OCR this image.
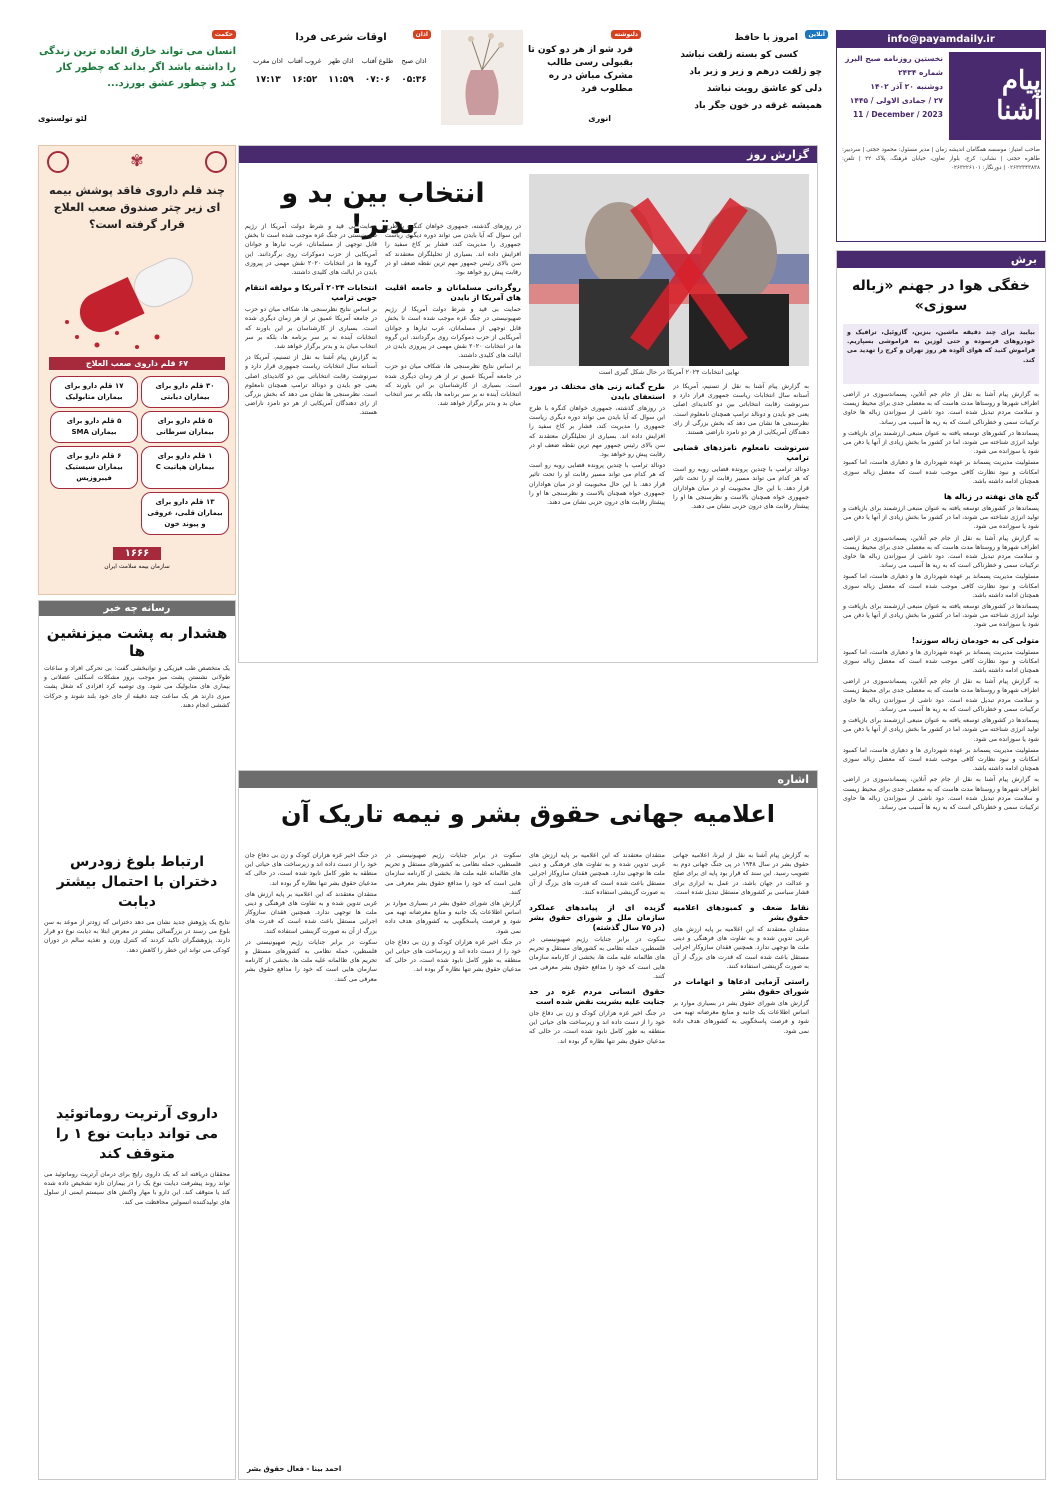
info@payamdaily.ir
پیام آشنا
نخستین روزنامه صبح البرز
شماره ۲۴۳۴
دوشنبه ۲۰ آذر ۱۴۰۲
۲۷ / جمادی الاولی / ۱۴۴۵
11 / December / 2023
صاحب امتیاز: موسسه همگامان اندیشه زمان | مدیر مسئول: محمود حجتی | سردبیر: طاهره حجتی | نشانی: کرج، بلوار تعاون، خیابان فرهنگ، پلاک ۲۲ | تلفن: ۰۲۶۳۲۳۴۳۸۳۸ | دورنگار: ۰۲۶۳۲۲۶۱۰۱
آنلاین
امروز با حافظ
کسی کو بسته زلفت نباشد
چو زلفت درهم و زیر و زبر باد
دلی کو عاشق رویت نباشد
همیشه غرقه در خون جگر باد
دلنوشته
فرد شو از هر دو کون تا بقبولی رسی طالب مشرک مباش در ره مطلوب فرد
انوری
اذان
اوقات شرعی فردا
اذان صبح
۰۵:۳۶
طلوع آفتاب
۰۷:۰۶
اذان ظهر
۱۱:۵۹
غروب آفتاب
۱۶:۵۲
اذان مغرب
۱۷:۱۳
حکمت
انسان می تواند خارق العاده ترین زندگی را داشته باشد اگر بداند که چطور کار کند و چطور عشق بورزد...
لئو تولستوی
✾
چند قلم داروی فاقد پوشش بیمه ای زیر چتر صندوق صعب العلاج قرار گرفته است؟
۶۷ قلم داروی صعب العلاج
۳۰ قلم دارو برای بیماران دیابتی
۱۷ قلم دارو برای بیماران متابولیک
۵ قلم دارو برای بیماران سرطانی
۵ قلم دارو برای بیماران SMA
۱ قلم دارو برای بیماران هپاتیت C
۶ قلم دارو برای بیماران سیستیک فیبروزیس
۱۳ قلم دارو برای بیماران قلبی، عروقی و پیوند خون
۱۶۶۶
سازمان بیمه سلامت ایران
رسانه چه خبر
هشدار به پشت میزنشین ها
یک متخصص طب فیزیکی و توانبخشی گفت: بی تحرکی افراد و ساعات طولانی نشستن پشت میز موجب بروز مشکلات اسکلتی عضلانی و بیماری های متابولیک می شود. وی توصیه کرد افرادی که شغل پشت میزی دارند هر یک ساعت چند دقیقه از جای خود بلند شوند و حرکات کششی انجام دهند.
ارتباط بلوغ زودرس دختران با احتمال بیشتر دیابت
نتایج یک پژوهش جدید نشان می دهد دخترانی که زودتر از موعد به سن بلوغ می رسند در بزرگسالی بیشتر در معرض ابتلا به دیابت نوع دو قرار دارند. پژوهشگران تاکید کردند که کنترل وزن و تغذیه سالم در دوران کودکی می تواند این خطر را کاهش دهد.
داروی آرتریت روماتوئید می تواند دیابت نوع ۱ را متوقف کند
محققان دریافته اند که یک داروی رایج برای درمان آرتریت روماتوئید می تواند روند پیشرفت دیابت نوع یک را در بیماران تازه تشخیص داده شده کند یا متوقف کند. این دارو با مهار واکنش های سیستم ایمنی از سلول های تولیدکننده انسولین محافظت می کند.
گزارش روز
نهایی انتخابات ۲۰۲۴ آمریکا در حال شکل گیری است
انتخاب بین بد و بدتر!

به گزارش پیام آشنا به نقل از تسنیم، آمریکا در آستانه سال انتخابات ریاست جمهوری قرار دارد و سرنوشت رقابت انتخاباتی بین دو کاندیدای اصلی یعنی جو بایدن و دونالد ترامپ همچنان نامعلوم است. نظرسنجی ها نشان می دهد که بخش بزرگی از رای دهندگان آمریکایی از هر دو نامزد ناراضی هستند.

سرنوشت نامعلوم نامزدهای قضایی ترامپ

دونالد ترامپ با چندین پرونده قضایی روبه رو است که هر کدام می تواند مسیر رقابت او را تحت تاثیر قرار دهد. با این حال محبوبیت او در میان هواداران جمهوری خواه همچنان بالاست و نظرسنجی ها او را پیشتاز رقابت های درون حزبی نشان می دهند.

طرح گمانه زنی های مختلف در مورد استعفای بایدن

در روزهای گذشته، جمهوری خواهان کنگره با طرح این سوال که آیا بایدن می تواند دوره دیگری ریاست جمهوری را مدیریت کند، فشار بر کاخ سفید را افزایش داده اند. بسیاری از تحلیلگران معتقدند که سن بالای رئیس جمهور مهم ترین نقطه ضعف او در رقابت پیش رو خواهد بود.

دونالد ترامپ با چندین پرونده قضایی روبه رو است که هر کدام می تواند مسیر رقابت او را تحت تاثیر قرار دهد. با این حال محبوبیت او در میان هواداران جمهوری خواه همچنان بالاست و نظرسنجی ها او را پیشتاز رقابت های درون حزبی نشان می دهند.

در روزهای گذشته، جمهوری خواهان کنگره با طرح این سوال که آیا بایدن می تواند دوره دیگری ریاست جمهوری را مدیریت کند، فشار بر کاخ سفید را افزایش داده اند. بسیاری از تحلیلگران معتقدند که سن بالای رئیس جمهور مهم ترین نقطه ضعف او در رقابت پیش رو خواهد بود.

روگردانی مسلمانان و جامعه اقلیت های آمریکا از بایدن

حمایت بی قید و شرط دولت آمریکا از رژیم صهیونیستی در جنگ غزه موجب شده است تا بخش قابل توجهی از مسلمانان، عرب تبارها و جوانان آمریکایی از حزب دموکرات روی برگردانند. این گروه ها در انتخابات ۲۰۲۰ نقش مهمی در پیروزی بایدن در ایالت های کلیدی داشتند.

بر اساس نتایج نظرسنجی ها، شکاف میان دو حزب در جامعه آمریکا عمیق تر از هر زمان دیگری شده است. بسیاری از کارشناسان بر این باورند که انتخابات آینده نه بر سر برنامه ها، بلکه بر سر انتخاب میان بد و بدتر برگزار خواهد شد.

حمایت بی قید و شرط دولت آمریکا از رژیم صهیونیستی در جنگ غزه موجب شده است تا بخش قابل توجهی از مسلمانان، عرب تبارها و جوانان آمریکایی از حزب دموکرات روی برگردانند. این گروه ها در انتخابات ۲۰۲۰ نقش مهمی در پیروزی بایدن در ایالت های کلیدی داشتند.

انتخابات ۲۰۲۴ آمریکا و مولفه انتقام جویی ترامپ

بر اساس نتایج نظرسنجی ها، شکاف میان دو حزب در جامعه آمریکا عمیق تر از هر زمان دیگری شده است. بسیاری از کارشناسان بر این باورند که انتخابات آینده نه بر سر برنامه ها، بلکه بر سر انتخاب میان بد و بدتر برگزار خواهد شد.

به گزارش پیام آشنا به نقل از تسنیم، آمریکا در آستانه سال انتخابات ریاست جمهوری قرار دارد و سرنوشت رقابت انتخاباتی بین دو کاندیدای اصلی یعنی جو بایدن و دونالد ترامپ همچنان نامعلوم است. نظرسنجی ها نشان می دهد که بخش بزرگی از رای دهندگان آمریکایی از هر دو نامزد ناراضی هستند.

اشاره
اعلامیه جهانی حقوق بشر و نیمه تاریک آن

به گزارش پیام آشنا به نقل از ایرنا، اعلامیه جهانی حقوق بشر در سال ۱۹۴۸ در پی جنگ جهانی دوم به تصویب رسید. این سند که قرار بود پایه ای برای صلح و عدالت در جهان باشد، در عمل به ابزاری برای فشار سیاسی بر کشورهای مستقل تبدیل شده است.

نقاط ضعف و کمبودهای اعلامیه حقوق بشر

منتقدان معتقدند که این اعلامیه بر پایه ارزش های غربی تدوین شده و به تفاوت های فرهنگی و دینی ملت ها توجهی ندارد. همچنین فقدان سازوکار اجرایی مستقل باعث شده است که قدرت های بزرگ از آن به صورت گزینشی استفاده کنند.

راستی آزمایی ادعاها و اتهامات در شورای حقوق بشر

گزارش های شورای حقوق بشر در بسیاری موارد بر اساس اطلاعات یک جانبه و منابع مغرضانه تهیه می شود و فرصت پاسخگویی به کشورهای هدف داده نمی شود.

منتقدان معتقدند که این اعلامیه بر پایه ارزش های غربی تدوین شده و به تفاوت های فرهنگی و دینی ملت ها توجهی ندارد. همچنین فقدان سازوکار اجرایی مستقل باعث شده است که قدرت های بزرگ از آن به صورت گزینشی استفاده کنند.

گزیده ای از پیامدهای عملکرد سازمان ملل و شورای حقوق بشر (در ۷۵ سال گذشته)

سکوت در برابر جنایات رژیم صهیونیستی در فلسطین، حمله نظامی به کشورهای مستقل و تحریم های ظالمانه علیه ملت ها، بخشی از کارنامه سازمان هایی است که خود را مدافع حقوق بشر معرفی می کنند.

حقوق انسانی مردم غزه در حد جنایت علیه بشریت نقض شده است

در جنگ اخیر غزه هزاران کودک و زن بی دفاع جان خود را از دست داده اند و زیرساخت های حیاتی این منطقه به طور کامل نابود شده است، در حالی که مدعیان حقوق بشر تنها نظاره گر بوده اند.

سکوت در برابر جنایات رژیم صهیونیستی در فلسطین، حمله نظامی به کشورهای مستقل و تحریم های ظالمانه علیه ملت ها، بخشی از کارنامه سازمان هایی است که خود را مدافع حقوق بشر معرفی می کنند.

گزارش های شورای حقوق بشر در بسیاری موارد بر اساس اطلاعات یک جانبه و منابع مغرضانه تهیه می شود و فرصت پاسخگویی به کشورهای هدف داده نمی شود.

در جنگ اخیر غزه هزاران کودک و زن بی دفاع جان خود را از دست داده اند و زیرساخت های حیاتی این منطقه به طور کامل نابود شده است، در حالی که مدعیان حقوق بشر تنها نظاره گر بوده اند.

در جنگ اخیر غزه هزاران کودک و زن بی دفاع جان خود را از دست داده اند و زیرساخت های حیاتی این منطقه به طور کامل نابود شده است، در حالی که مدعیان حقوق بشر تنها نظاره گر بوده اند.

منتقدان معتقدند که این اعلامیه بر پایه ارزش های غربی تدوین شده و به تفاوت های فرهنگی و دینی ملت ها توجهی ندارد. همچنین فقدان سازوکار اجرایی مستقل باعث شده است که قدرت های بزرگ از آن به صورت گزینشی استفاده کنند.

سکوت در برابر جنایات رژیم صهیونیستی در فلسطین، حمله نظامی به کشورهای مستقل و تحریم های ظالمانه علیه ملت ها، بخشی از کارنامه سازمان هایی است که خود را مدافع حقوق بشر معرفی می کنند.

احمد بینا - فعال حقوق بشر
برش
خفگی هوا در جهنم «زباله سوزی»
بیایید برای چند دقیقه ماشین، بنزین، گازوئیل، ترافیک و خودروهای فرسوده و حتی لوزین به فراموشی بسپاریم. فراموش کنید که هوای آلوده هر روز تهران و کرج را تهدید می کند.

به گزارش پیام آشنا به نقل از جام جم آنلاین، پسماندسوزی در اراضی اطراف شهرها و روستاها مدت هاست که به معضلی جدی برای محیط زیست و سلامت مردم تبدیل شده است. دود ناشی از سوزاندن زباله ها حاوی ترکیبات سمی و خطرناکی است که به ریه ها آسیب می رساند.

پسماندها در کشورهای توسعه یافته به عنوان منبعی ارزشمند برای بازیافت و تولید انرژی شناخته می شوند، اما در کشور ما بخش زیادی از آنها یا دفن می شود یا سوزانده می شود.

مسئولیت مدیریت پسماند بر عهده شهرداری ها و دهیاری هاست، اما کمبود امکانات و نبود نظارت کافی موجب شده است که معضل زباله سوزی همچنان ادامه داشته باشد.

گنج های نهفته در زباله ها

پسماندها در کشورهای توسعه یافته به عنوان منبعی ارزشمند برای بازیافت و تولید انرژی شناخته می شوند، اما در کشور ما بخش زیادی از آنها یا دفن می شود یا سوزانده می شود.

به گزارش پیام آشنا به نقل از جام جم آنلاین، پسماندسوزی در اراضی اطراف شهرها و روستاها مدت هاست که به معضلی جدی برای محیط زیست و سلامت مردم تبدیل شده است. دود ناشی از سوزاندن زباله ها حاوی ترکیبات سمی و خطرناکی است که به ریه ها آسیب می رساند.

مسئولیت مدیریت پسماند بر عهده شهرداری ها و دهیاری هاست، اما کمبود امکانات و نبود نظارت کافی موجب شده است که معضل زباله سوزی همچنان ادامه داشته باشد.

پسماندها در کشورهای توسعه یافته به عنوان منبعی ارزشمند برای بازیافت و تولید انرژی شناخته می شوند، اما در کشور ما بخش زیادی از آنها یا دفن می شود یا سوزانده می شود.

متولی کی به خودمان زباله سوزند!

مسئولیت مدیریت پسماند بر عهده شهرداری ها و دهیاری هاست، اما کمبود امکانات و نبود نظارت کافی موجب شده است که معضل زباله سوزی همچنان ادامه داشته باشد.

به گزارش پیام آشنا به نقل از جام جم آنلاین، پسماندسوزی در اراضی اطراف شهرها و روستاها مدت هاست که به معضلی جدی برای محیط زیست و سلامت مردم تبدیل شده است. دود ناشی از سوزاندن زباله ها حاوی ترکیبات سمی و خطرناکی است که به ریه ها آسیب می رساند.

پسماندها در کشورهای توسعه یافته به عنوان منبعی ارزشمند برای بازیافت و تولید انرژی شناخته می شوند، اما در کشور ما بخش زیادی از آنها یا دفن می شود یا سوزانده می شود.

مسئولیت مدیریت پسماند بر عهده شهرداری ها و دهیاری هاست، اما کمبود امکانات و نبود نظارت کافی موجب شده است که معضل زباله سوزی همچنان ادامه داشته باشد.

به گزارش پیام آشنا به نقل از جام جم آنلاین، پسماندسوزی در اراضی اطراف شهرها و روستاها مدت هاست که به معضلی جدی برای محیط زیست و سلامت مردم تبدیل شده است. دود ناشی از سوزاندن زباله ها حاوی ترکیبات سمی و خطرناکی است که به ریه ها آسیب می رساند.
